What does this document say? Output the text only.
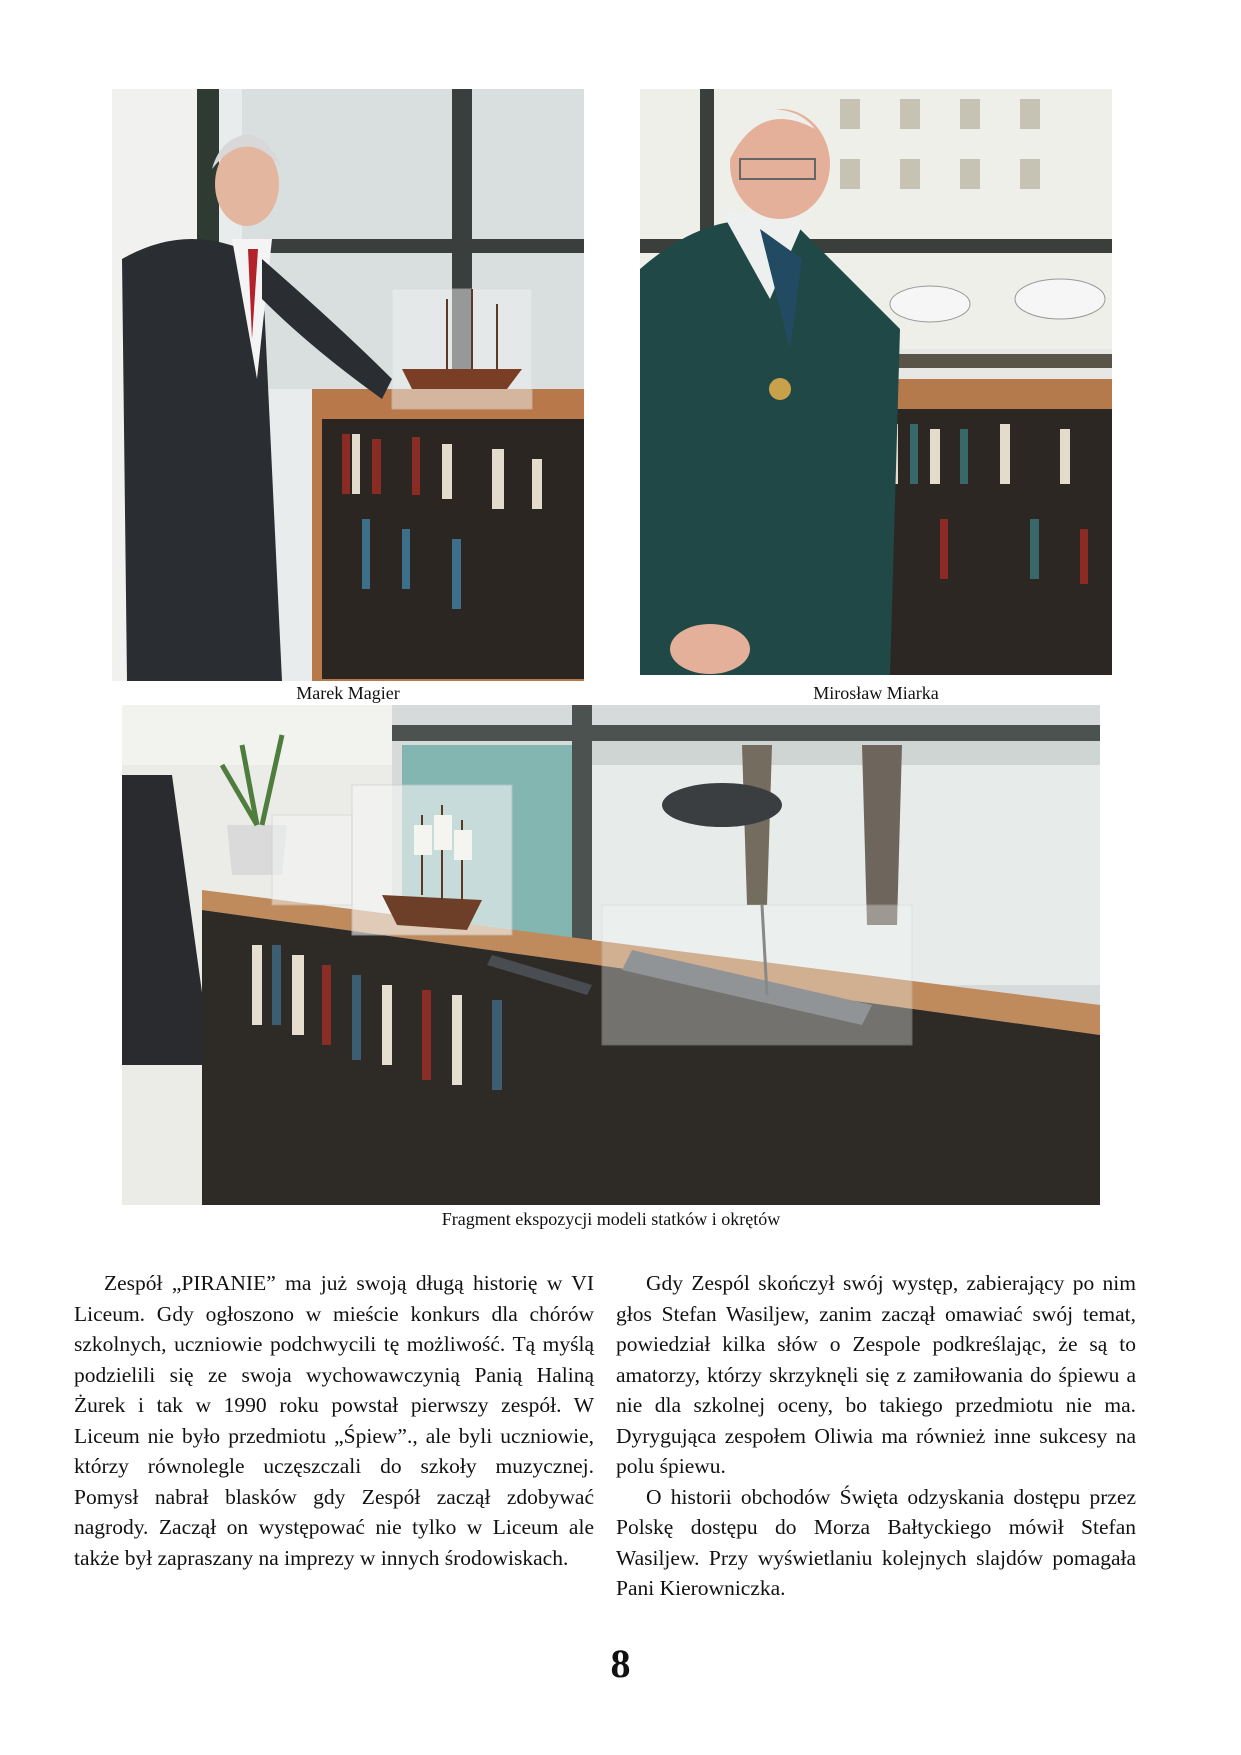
Marek Magier	Mirosław Miarka
Fragment ekspozycji modeli statków i okrętów

Zespół „PIRANIE” ma już swoją długą historię w VI Liceum. Gdy ogłoszono w mieście konkurs dla chórów szkolnych, uczniowie podchwycili tę możliwość. Tą myślą podzielili się ze swoja wychowawczynią Panią Haliną Żurek i tak w 1990 roku powstał pierwszy zespół. W Liceum nie było przedmiotu „Śpiew”., ale byli uczniowie, którzy równolegle uczęszczali do szkoły muzycznej. Pomysł nabrał blasków gdy Zespół zaczął zdobywać nagrody. Zaczął on występować nie tylko w Liceum ale także był zapraszany na imprezy w innych środowiskach.

Gdy Zespól skończył swój występ, zabierający po nim głos Stefan Wasiljew, zanim zaczął omawiać swój temat, powiedział kilka słów o Zespole podkreślając, że są to amatorzy, którzy skrzyknęli się z zamiłowania do śpiewu a nie dla szkolnej oceny, bo takiego przedmiotu nie ma. Dyrygująca zespołem Oliwia ma również inne sukcesy na polu śpiewu.

O historii obchodów Święta odzyskania dostępu przez Polskę dostępu do Morza Bałtyckiego mówił Stefan Wasiljew. Przy wyświetlaniu kolejnych slajdów pomagała Pani Kierowniczka.

8
